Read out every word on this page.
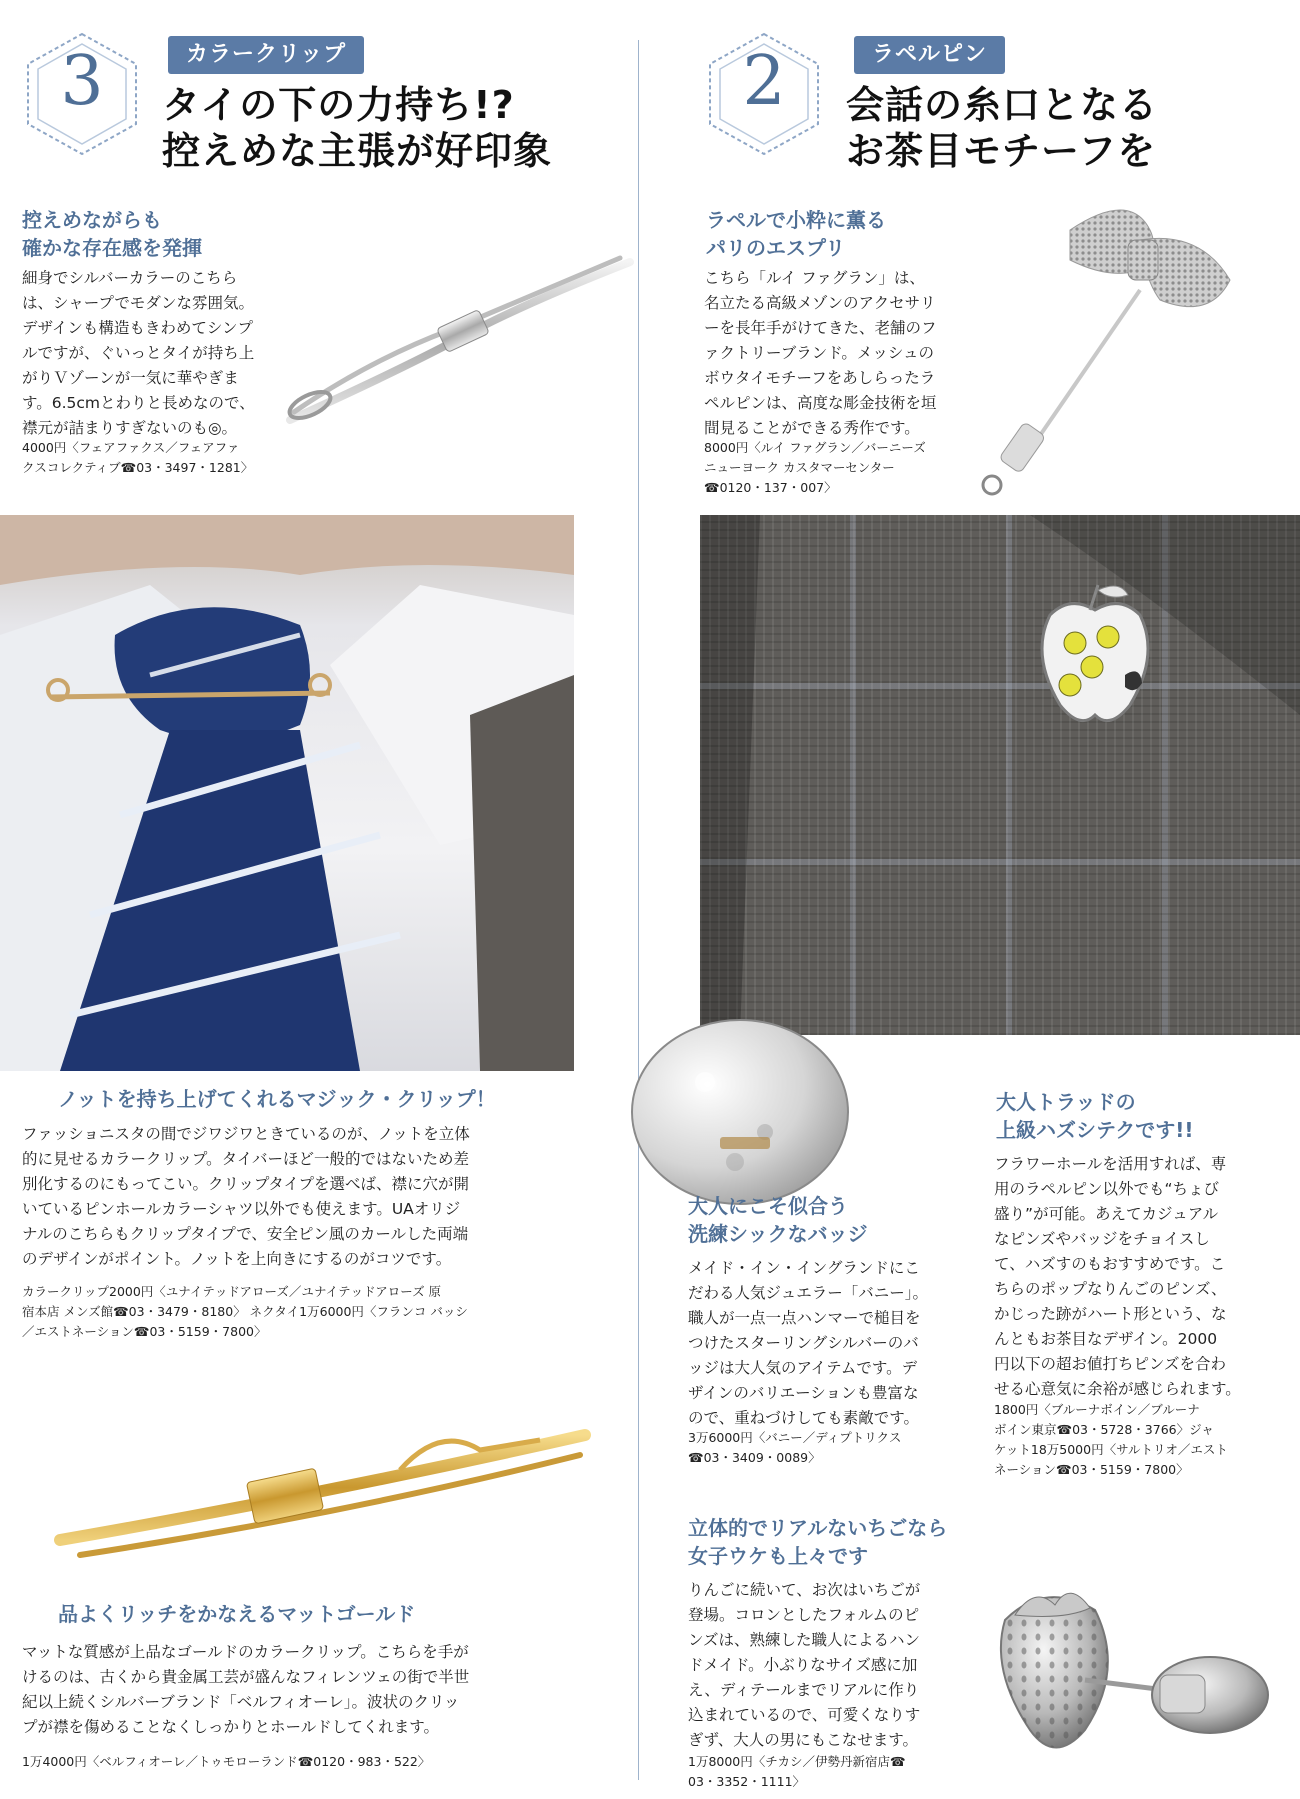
3	カラークリップ
タイの下の力持ち!?
控えめな主張が好印象
控えめながらも
確かな存在感を発揮
細身でシルバーカラーのこちら
は、シャープでモダンな雰囲気。
デザインも構造もきわめてシンプ
ルですが、ぐいっとタイが持ち上
がりＶゾーンが一気に華やぎま
す。6.5cmとわりと長めなので、
襟元が詰まりすぎないのも◎。
4000円〈フェアファクス／フェアファ
クスコレクティブ☎03・3497・1281〉
ノットを持ち上げてくれるマジック・クリップ！
ファッショニスタの間でジワジワときているのが、ノットを立体
的に見せるカラークリップ。タイバーほど一般的ではないため差
別化するのにもってこい。クリップタイプを選べば、襟に穴が開
いているピンホールカラーシャツ以外でも使えます。UAオリジ
ナルのこちらもクリップタイプで、安全ピン風のカールした両端
のデザインがポイント。ノットを上向きにするのがコツです。
カラークリップ2000円〈ユナイテッドアローズ／ユナイテッドアローズ 原
宿本店 メンズ館☎03・3479・8180〉 ネクタイ1万6000円〈フランコ バッシ
／エストネーション☎03・5159・7800〉
品よくリッチをかなえるマットゴールド
マットな質感が上品なゴールドのカラークリップ。こちらを手が
けるのは、古くから貴金属工芸が盛んなフィレンツェの街で半世
紀以上続くシルバーブランド「ベルフィオーレ」。波状のクリッ
プが襟を傷めることなくしっかりとホールドしてくれます。
1万4000円〈ベルフィオーレ／トゥモローランド☎0120・983・522〉
2	ラペルピン
会話の糸口となる
お茶目モチーフを
ラペルで小粋に薫る
パリのエスプリ
こちら「ルイ ファグラン」は、
名立たる高級メゾンのアクセサリ
ーを長年手がけてきた、老舗のフ
ァクトリーブランド。メッシュの
ボウタイモチーフをあしらったラ
ペルピンは、高度な彫金技術を垣
間見ることができる秀作です。
8000円〈ルイ ファグラン／バーニーズ
ニューヨーク カスタマーセンター
☎0120・137・007〉
大人にこそ似合う
洗練シックなバッジ
メイド・イン・イングランドにこ
だわる人気ジュエラー「バニー」。
職人が一点一点ハンマーで槌目を
つけたスターリングシルバーのバ
ッジは大人気のアイテムです。デ
ザインのバリエーションも豊富な
ので、重ねづけしても素敵です。
3万6000円〈バニー／ディプトリクス
☎03・3409・0089〉
大人トラッドの
上級ハズシテクです!!
フラワーホールを活用すれば、専
用のラペルピン以外でも“ちょび
盛り”が可能。あえてカジュアル
なピンズやバッジをチョイスし
て、ハズすのもおすすめです。こ
ちらのポップなりんごのピンズ、
かじった跡がハート形という、な
んともお茶目なデザイン。2000
円以下の超お値打ちピンズを合わ
せる心意気に余裕が感じられます。
1800円〈ブルーナボイン／ブルーナ
ボイン東京☎03・5728・3766〉ジャ
ケット18万5000円〈サルトリオ／エスト
ネーション☎03・5159・7800〉
立体的でリアルないちごなら
女子ウケも上々です
りんごに続いて、お次はいちごが
登場。コロンとしたフォルムのピ
ンズは、熟練した職人によるハン
ドメイド。小ぶりなサイズ感に加
え、ディテールまでリアルに作り
込まれているので、可愛くなりす
ぎず、大人の男にもこなせます。
1万8000円〈チカシ／伊勢丹新宿店☎
03・3352・1111〉
